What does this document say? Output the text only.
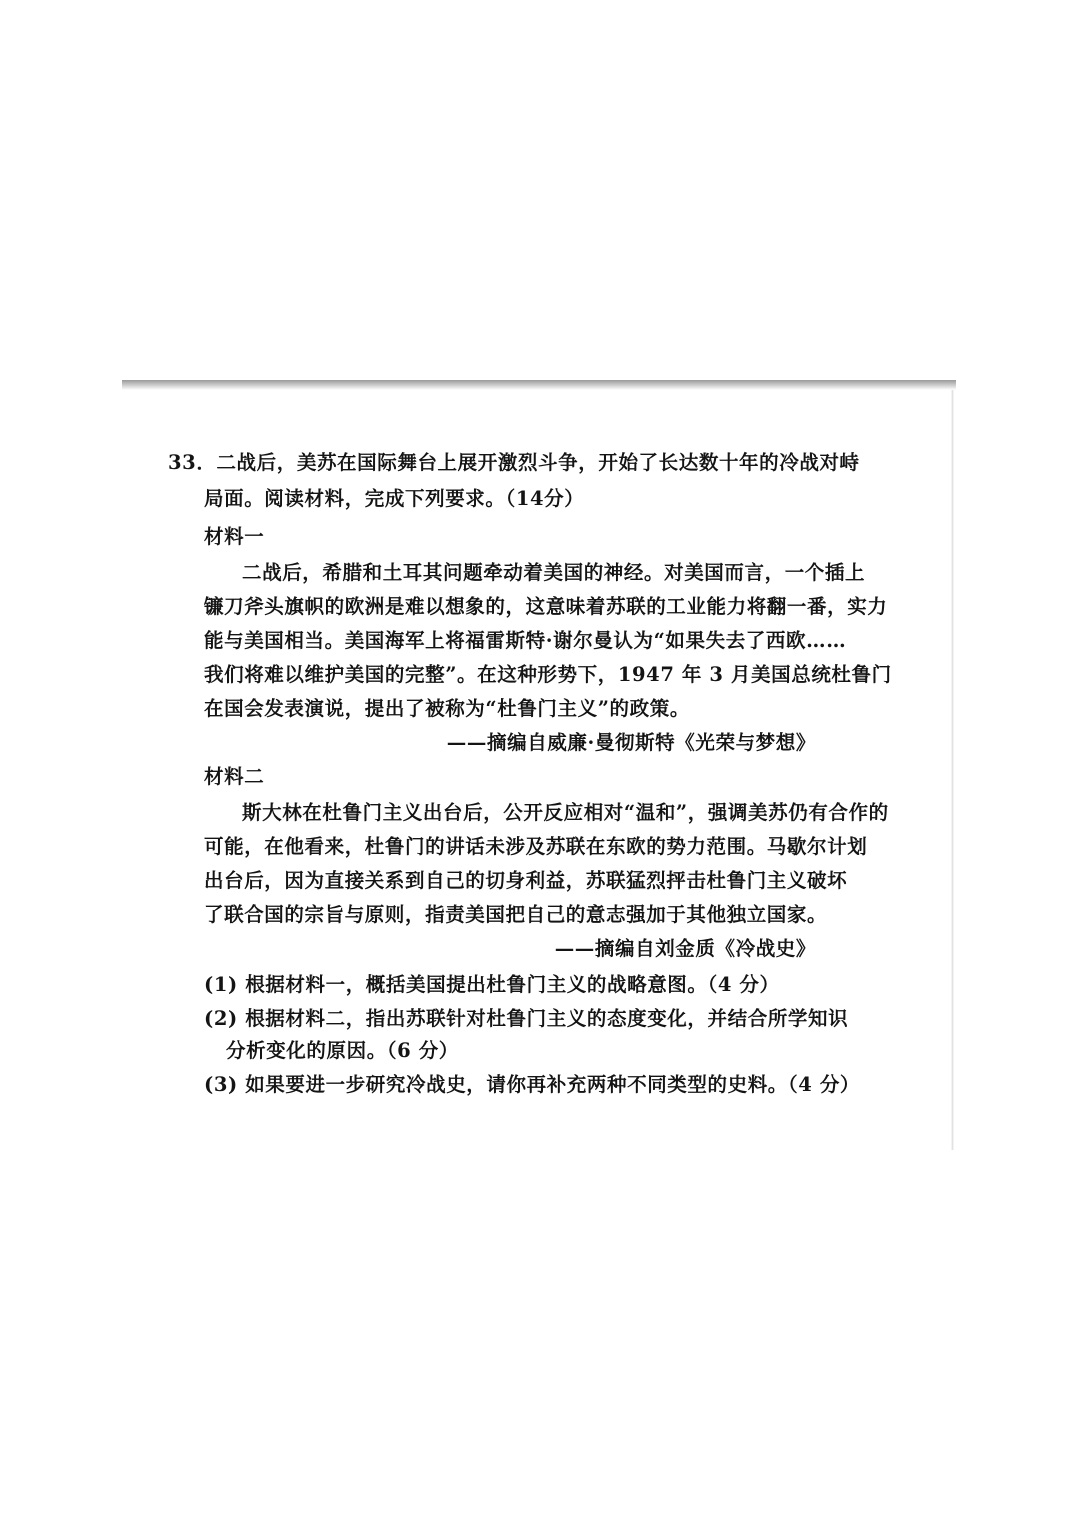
33．二战后，美苏在国际舞台上展开激烈斗争，开始了长达数十年的冷战对峙
局面。阅读材料，完成下列要求。（14分）
材料一
二战后，希腊和土耳其问题牵动着美国的神经。对美国而言，一个插上
镰刀斧头旗帜的欧洲是难以想象的，这意味着苏联的工业能力将翻一番，实力
能与美国相当。美国海军上将福雷斯特·谢尔曼认为“如果失去了西欧……
我们将难以维护美国的完整”。在这种形势下，1947 年 3 月美国总统杜鲁门
在国会发表演说，提出了被称为“杜鲁门主义”的政策。
——摘编自威廉·曼彻斯特《光荣与梦想》
材料二
斯大林在杜鲁门主义出台后，公开反应相对“温和”，强调美苏仍有合作的
可能，在他看来，杜鲁门的讲话未涉及苏联在东欧的势力范围。马歇尔计划
出台后，因为直接关系到自己的切身利益，苏联猛烈抨击杜鲁门主义破坏
了联合国的宗旨与原则，指责美国把自己的意志强加于其他独立国家。
——摘编自刘金质《冷战史》
(1) 根据材料一，概括美国提出杜鲁门主义的战略意图。（4 分）
(2) 根据材料二，指出苏联针对杜鲁门主义的态度变化，并结合所学知识
分析变化的原因。（6 分）
(3) 如果要进一步研究冷战史，请你再补充两种不同类型的史料。（4 分）
